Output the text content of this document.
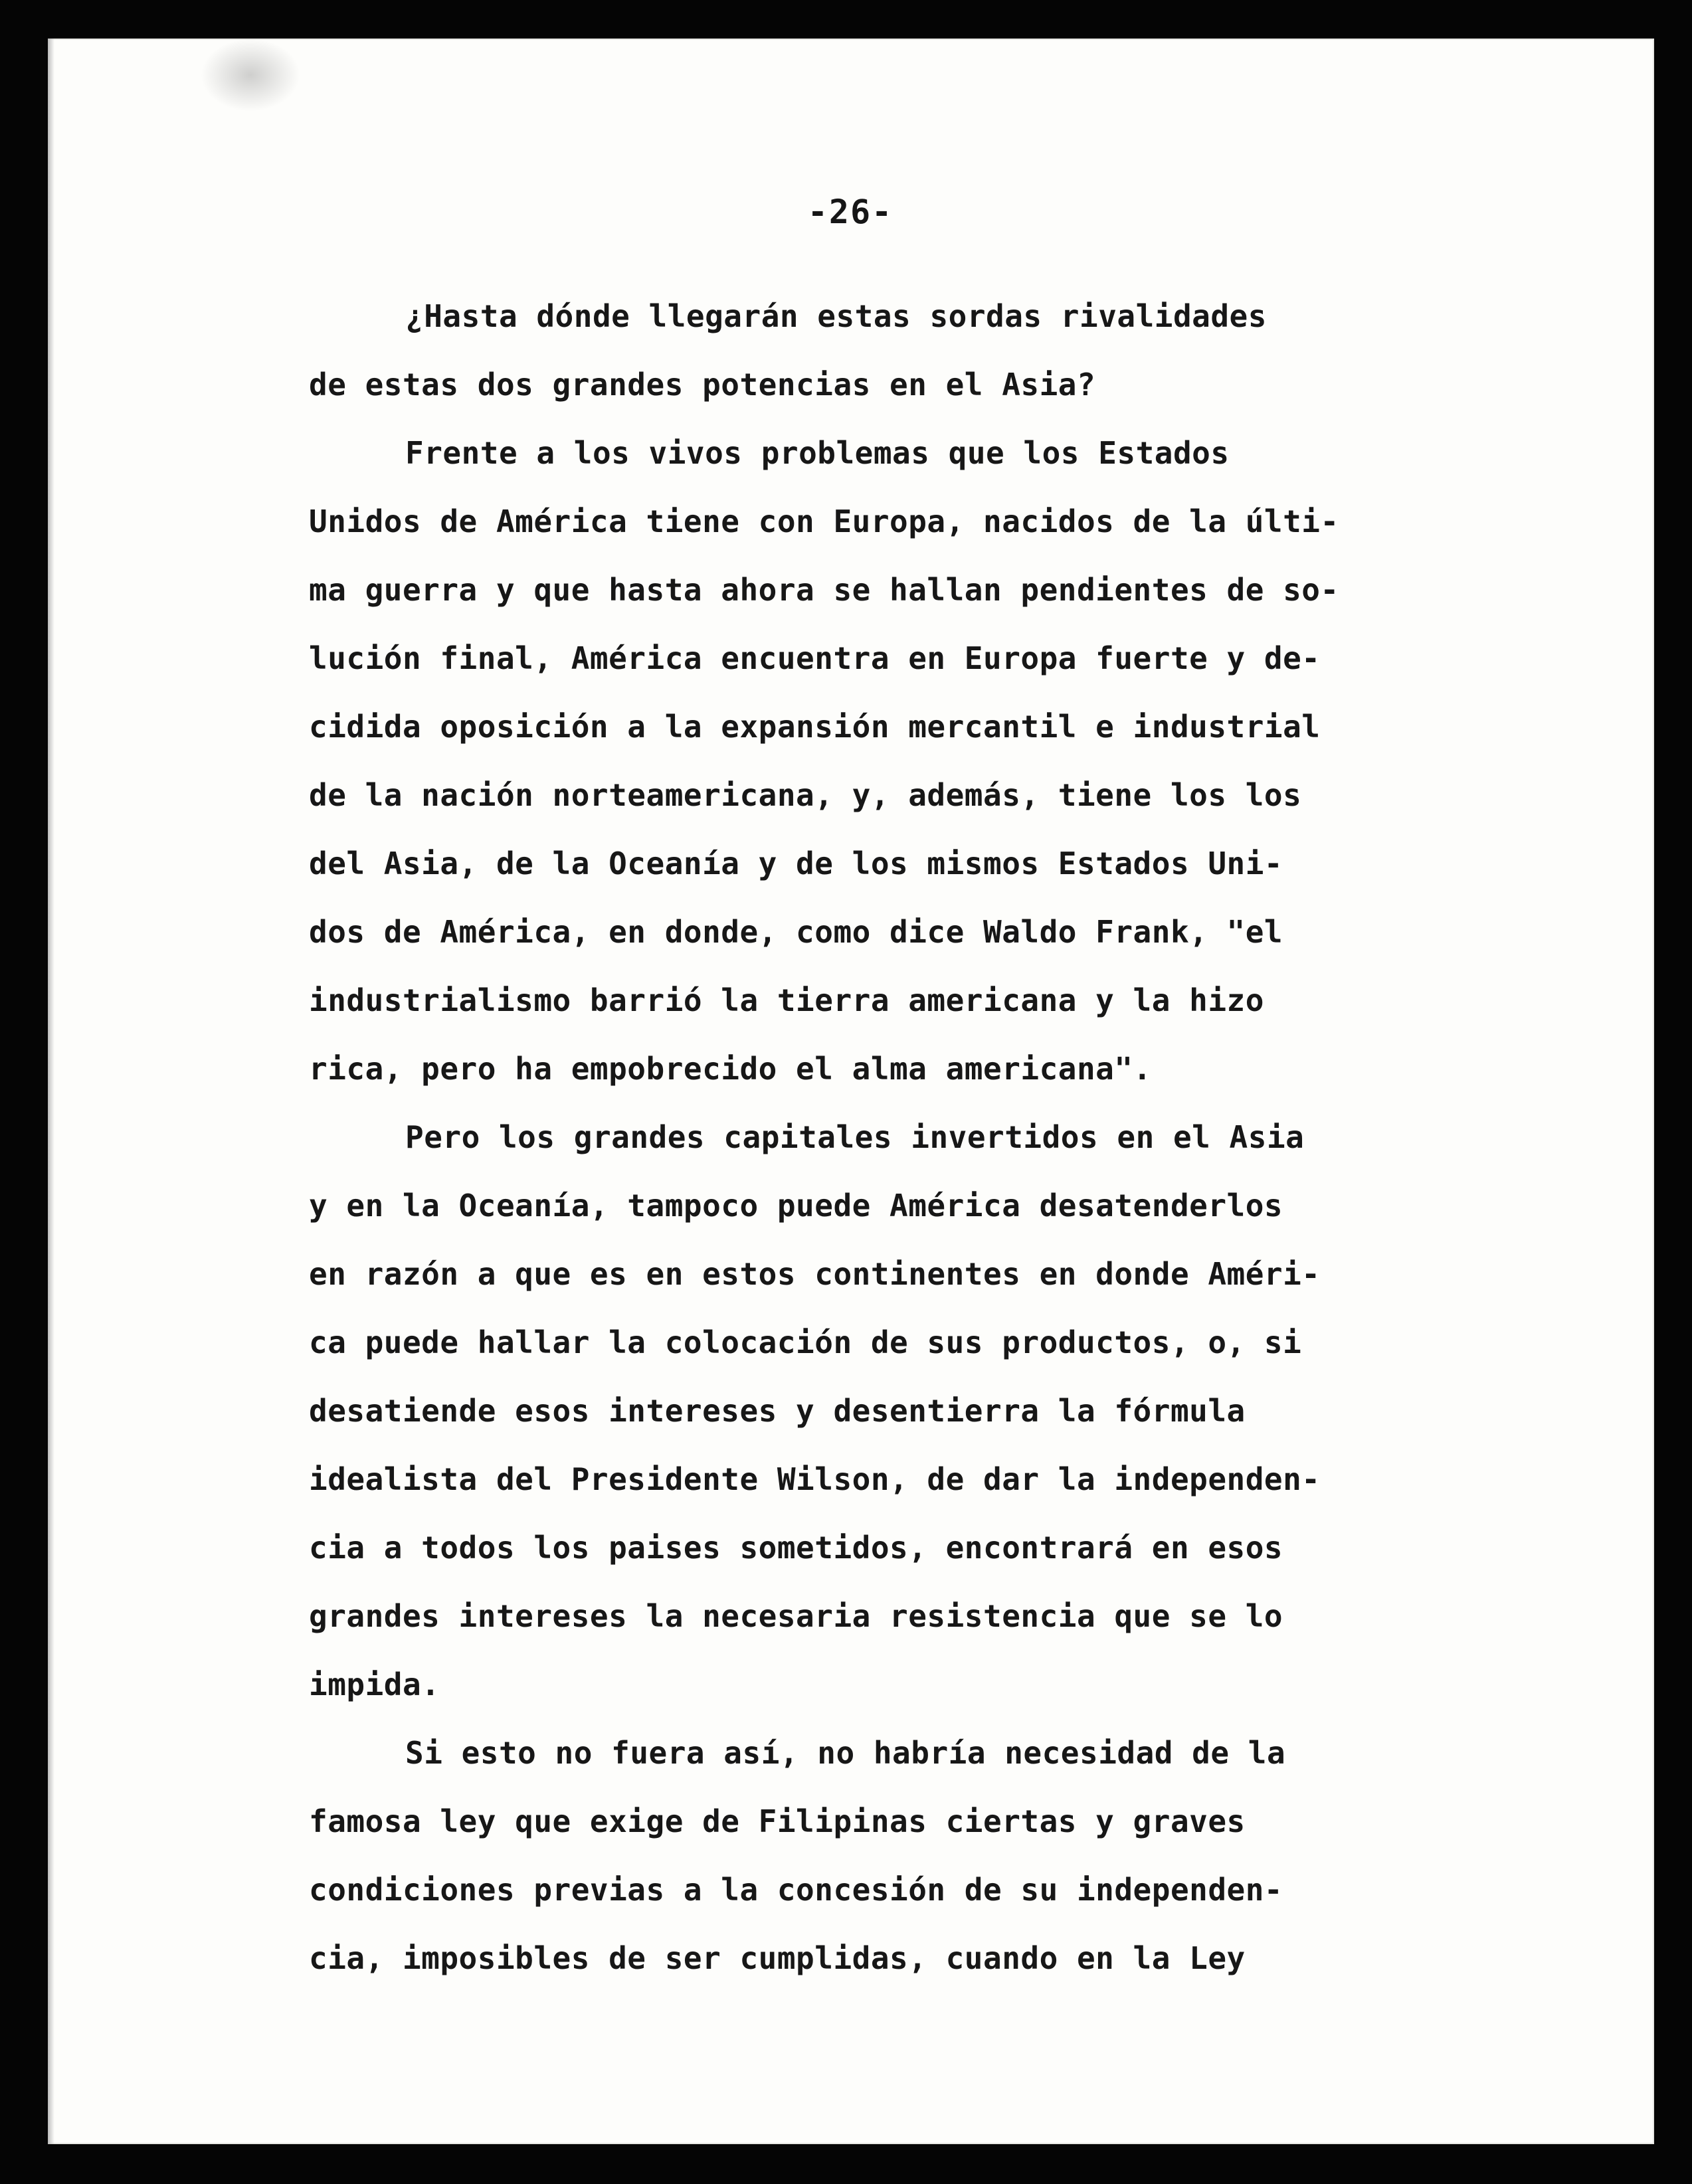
-26-
¿Hasta dónde llegarán estas sordas rivalidades
de estas dos grandes potencias en el Asia?
Frente a los vivos problemas que los Estados
Unidos de América tiene con Europa, nacidos de la últi-
ma guerra y que hasta ahora se hallan pendientes de so-
lución final, América encuentra en Europa fuerte y de-
cidida oposición a la expansión mercantil e industrial
de la nación norteamericana, y, además, tiene los los
del Asia, de la Oceanía y de los mismos Estados Uni-
dos de América, en donde, como dice Waldo Frank, "el
industrialismo barrió la tierra americana y la hizo
rica, pero ha empobrecido el alma americana".
Pero los grandes capitales invertidos en el Asia
y en la Oceanía, tampoco puede América desatenderlos
en razón a que es en estos continentes en donde Améri-
ca puede hallar la colocación de sus productos, o, si
desatiende esos intereses y desentierra la fórmula
idealista del Presidente Wilson, de dar la independen-
cia a todos los paises sometidos, encontrará en esos
grandes intereses la necesaria resistencia que se lo
impida.
Si esto no fuera así, no habría necesidad de la
famosa ley que exige de Filipinas ciertas y graves
condiciones previas a la concesión de su independen-
cia, imposibles de ser cumplidas, cuando en la Ley
